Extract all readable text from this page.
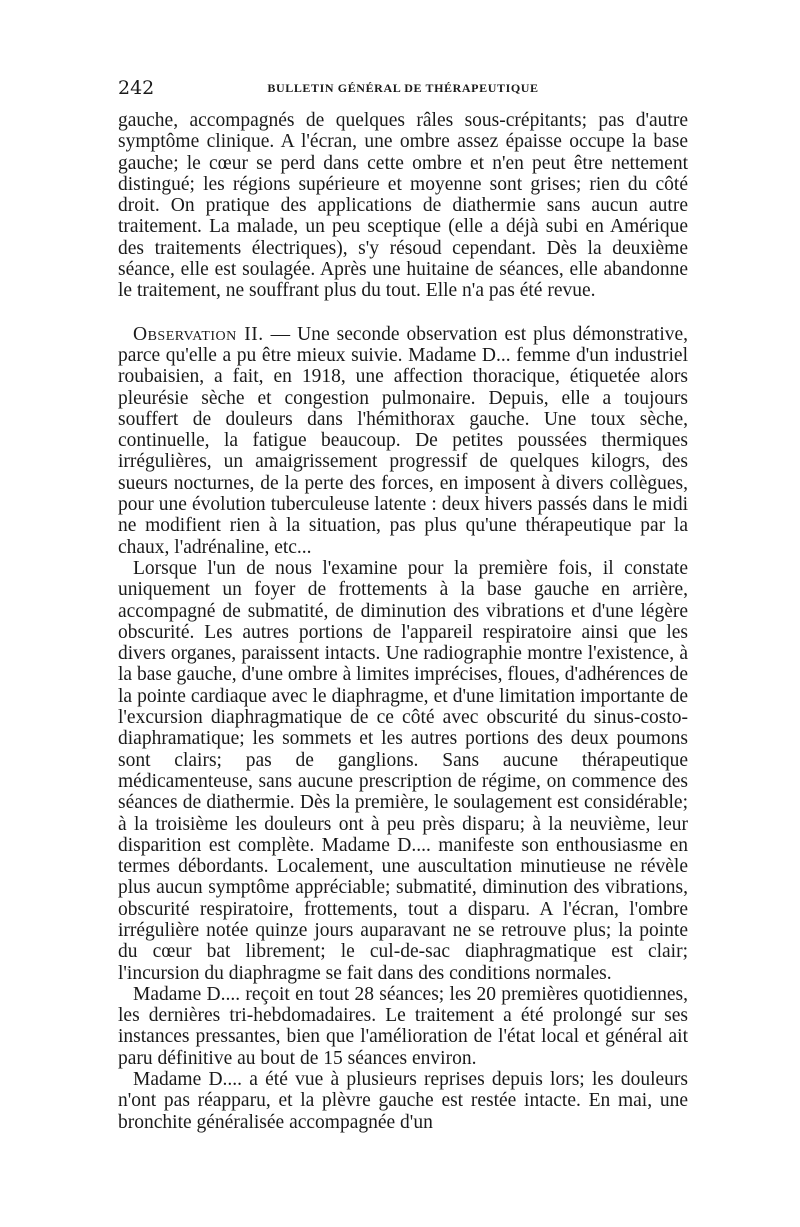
242	BULLETIN GÉNÉRAL DE THÉRAPEUTIQUE

gauche, accompagnés de quelques râles sous-crépitants; pas d'autre symptôme clinique. A l'écran, une ombre assez épaisse occupe la base gauche; le cœur se perd dans cette ombre et n'en peut être nettement distingué; les régions supérieure et moyenne sont grises; rien du côté droit. On pratique des applications de diathermie sans aucun autre traitement. La malade, un peu sceptique (elle a déjà subi en Amérique des traitements électriques), s'y résoud cependant. Dès la deuxième séance, elle est soulagée. Après une huitaine de séances, elle abandonne le traitement, ne souffrant plus du tout. Elle n'a pas été revue.

Observation II. — Une seconde observation est plus démonstrative, parce qu'elle a pu être mieux suivie. Madame D... femme d'un industriel roubaisien, a fait, en 1918, une affection thoracique, étiquetée alors pleurésie sèche et congestion pulmonaire. Depuis, elle a toujours souffert de douleurs dans l'hémithorax gauche. Une toux sèche, continuelle, la fatigue beaucoup. De petites poussées thermiques irrégulières, un amaigrissement progressif de quelques kilogrs, des sueurs nocturnes, de la perte des forces, en imposent à divers collègues, pour une évolution tuberculeuse latente : deux hivers passés dans le midi ne modifient rien à la situation, pas plus qu'une thérapeutique par la chaux, l'adrénaline, etc...

Lorsque l'un de nous l'examine pour la première fois, il constate uniquement un foyer de frottements à la base gauche en arrière, accompagné de submatité, de diminution des vibrations et d'une légère obscurité. Les autres portions de l'appareil respiratoire ainsi que les divers organes, paraissent intacts. Une radiographie montre l'existence, à la base gauche, d'une ombre à limites imprécises, floues, d'adhérences de la pointe cardiaque avec le diaphragme, et d'une limitation importante de l'excursion diaphragmatique de ce côté avec obscurité du sinus-costo-diaphramatique; les sommets et les autres portions des deux poumons sont clairs; pas de ganglions. Sans aucune thérapeutique médicamenteuse, sans aucune prescription de régime, on commence des séances de diathermie. Dès la première, le soulagement est considérable; à la troisième les douleurs ont à peu près disparu; à la neuvième, leur disparition est complète. Madame D.... manifeste son enthousiasme en termes débordants. Localement, une auscultation minutieuse ne révèle plus aucun symptôme appréciable; submatité, diminution des vibrations, obscurité respiratoire, frottements, tout a disparu. A l'écran, l'ombre irrégulière notée quinze jours auparavant ne se retrouve plus; la pointe du cœur bat librement; le cul-de-sac diaphragmatique est clair; l'incursion du diaphragme se fait dans des conditions normales.

Madame D.... reçoit en tout 28 séances; les 20 premières quotidiennes, les dernières tri-hebdomadaires. Le traitement a été prolongé sur ses instances pressantes, bien que l'amélioration de l'état local et général ait paru définitive au bout de 15 séances environ.

Madame D.... a été vue à plusieurs reprises depuis lors; les douleurs n'ont pas réapparu, et la plèvre gauche est restée intacte. En mai, une bronchite généralisée accompagnée d'un
